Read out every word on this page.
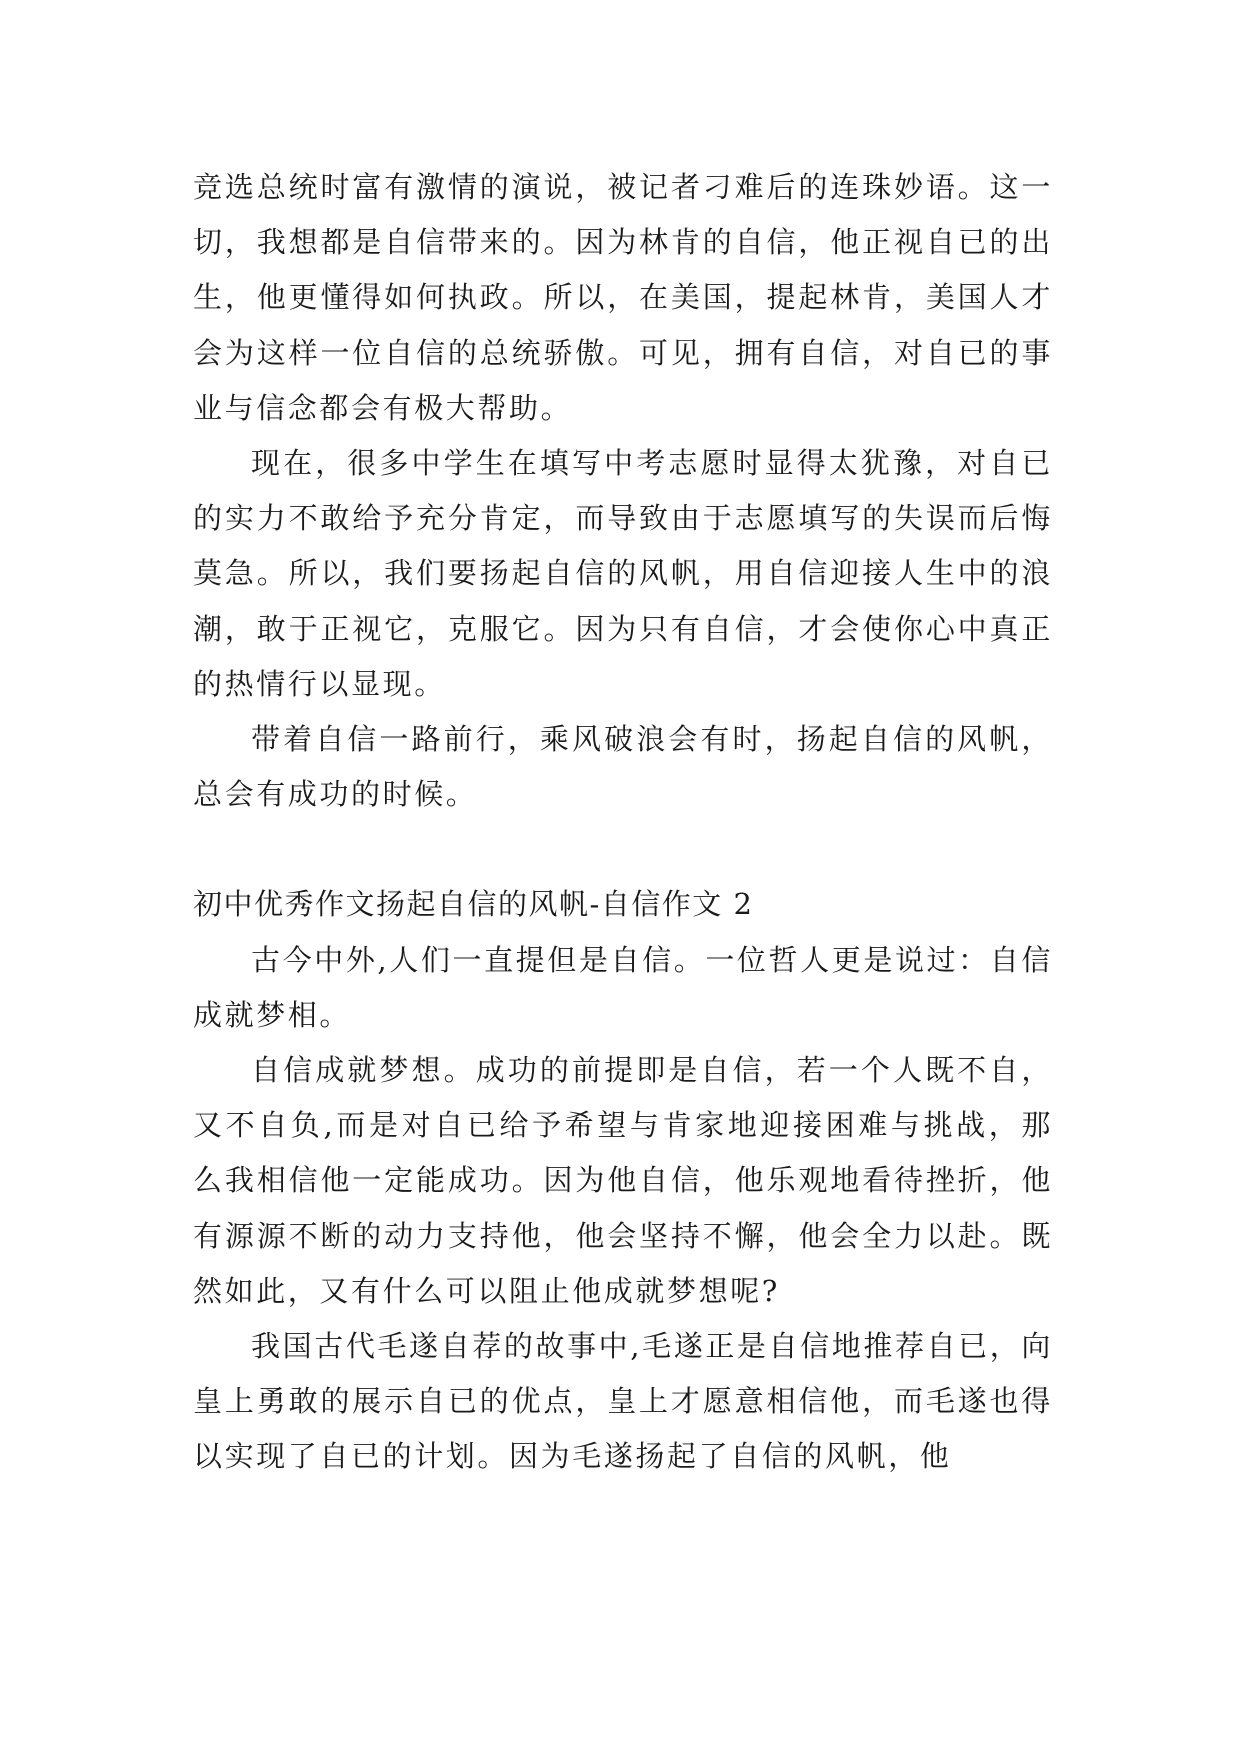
竞选总统时富有激情的演说，被记者刁难后的连珠妙语。这一切，我想都是自信带来的。因为林肯的自信，他正视自已的出生，他更懂得如何执政。所以，在美国，提起林肯，美国人才会为这样一位自信的总统骄傲。可见，拥有自信，对自已的事业与信念都会有极大帮助。

现在，很多中学生在填写中考志愿时显得太犹豫，对自已的实力不敢给予充分肯定，而导致由于志愿填写的失误而后悔莫急。所以，我们要扬起自信的风帆，用自信迎接人生中的浪潮，敢于正视它，克服它。因为只有自信，才会使你心中真正的热情行以显现。

带着自信一路前行，乘风破浪会有时，扬起自信的风帆，总会有成功的时候。

初中优秀作文扬起自信的风帆-自信作文 2

古今中外,人们一直提但是自信。一位哲人更是说过：自信成就梦相。

自信成就梦想。成功的前提即是自信，若一个人既不自，又不自负,而是对自已给予希望与肯家地迎接困难与挑战，那么我相信他一定能成功。因为他自信，他乐观地看待挫折，他有源源不断的动力支持他，他会坚持不懈，他会全力以赴。既然如此，又有什么可以阻止他成就梦想呢?

我国古代毛遂自荐的故事中,毛遂正是自信地推荐自已，向皇上勇敢的展示自已的优点，皇上才愿意相信他，而毛遂也得以实现了自已的计划。因为毛遂扬起了自信的风帆，他
